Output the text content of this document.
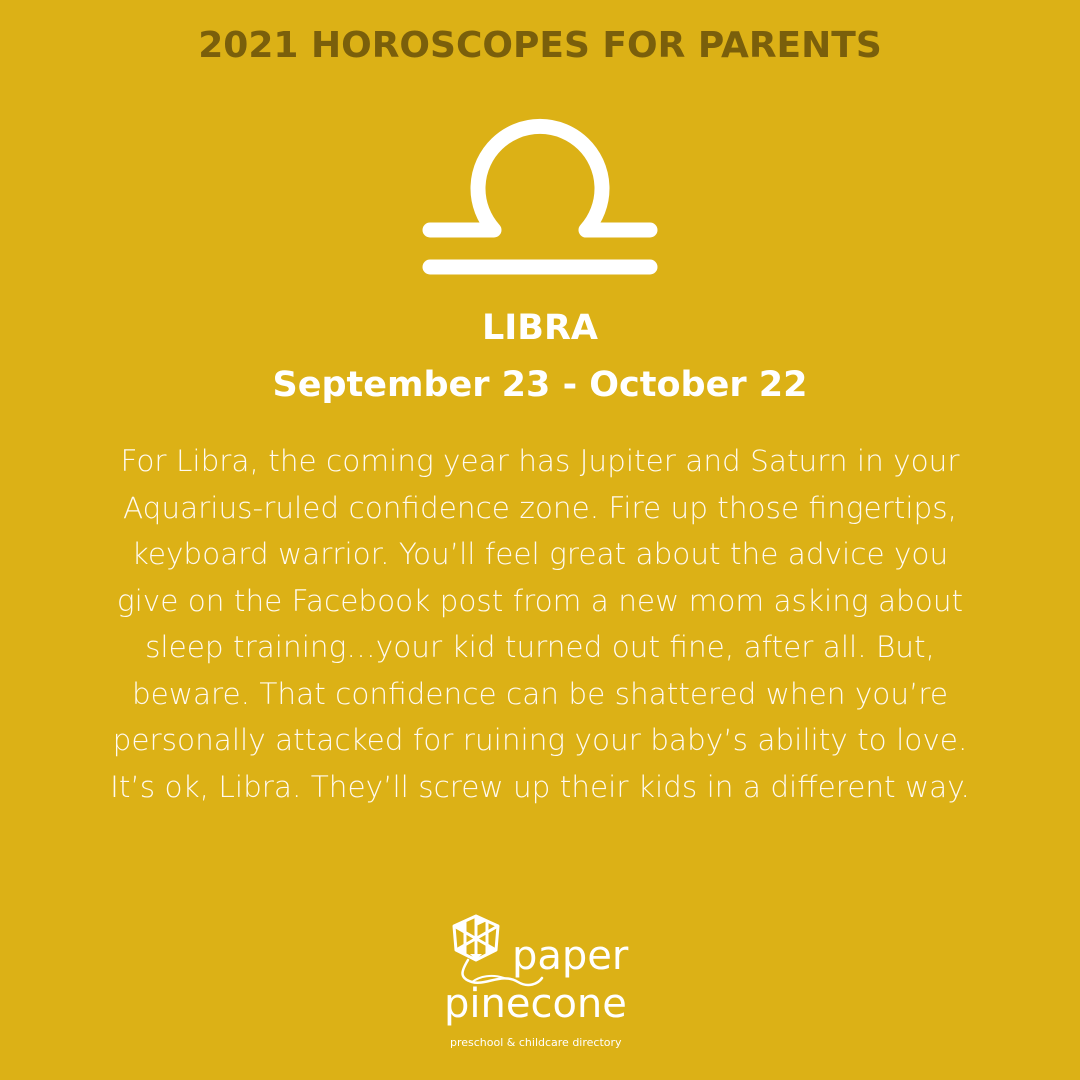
2021 HOROSCOPES FOR PARENTS
LIBRA
September 23 - October 22
For Libra, the coming year has Jupiter and Saturn in your
Aquarius-ruled confidence zone. Fire up those fingertips,
keyboard warrior. You’ll feel great about the advice you
give on the Facebook post from a new mom asking about
sleep training…your kid turned out fine, after all. But,
beware. That confidence can be shattered when you’re
personally attacked for ruining your baby’s ability to love.
It’s ok, Libra. They’ll screw up their kids in a different way.
paper
pinecone
preschool & childcare directory
